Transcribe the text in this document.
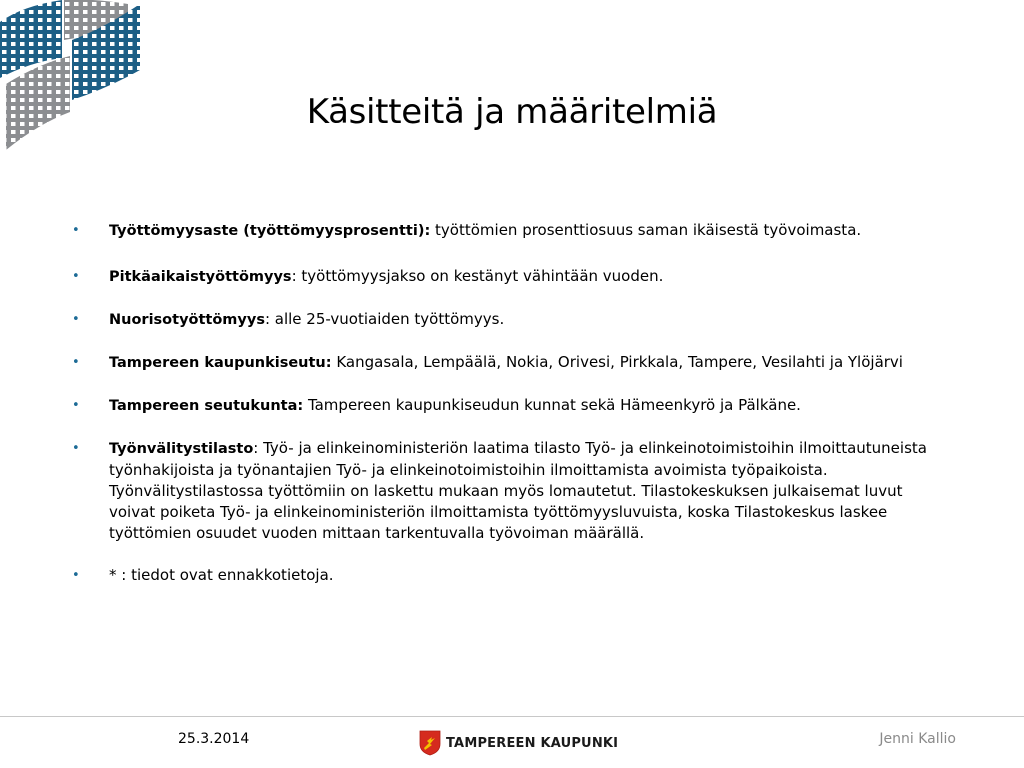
Käsitteitä ja määritelmiä
• Työttömyysaste (työttömyysprosentti): työttömien prosenttiosuus saman ikäisestä työvoimasta.
• Pitkäaikaistyöttömyys: työttömyysjakso on kestänyt vähintään vuoden.
• Nuorisotyöttömyys: alle 25-vuotiaiden työttömyys.
• Tampereen kaupunkiseutu: Kangasala, Lempäälä, Nokia, Orivesi, Pirkkala, Tampere, Vesilahti ja Ylöjärvi
• Tampereen seutukunta: Tampereen kaupunkiseudun kunnat sekä Hämeenkyrö ja Pälkäne.
• Työnvälitystilasto: Työ- ja elinkeinoministeriön laatima tilasto Työ- ja elinkeinotoimistoihin ilmoittautuneista työnhakijoista ja työnantajien Työ- ja elinkeinotoimistoihin ilmoittamista avoimista työpaikoista. Työnvälitystilastossa työttömiin on laskettu mukaan myös lomautetut. Tilastokeskuksen julkaisemat luvut voivat poiketa Työ- ja elinkeinoministeriön ilmoittamista työttömyysluvuista, koska Tilastokeskus laskee työttömien osuudet vuoden mittaan tarkentuvalla työvoiman määrällä.
• * : tiedot ovat ennakkotietoja.
25.3.2014	TAMPEREEN KAUPUNKI	Jenni Kallio
